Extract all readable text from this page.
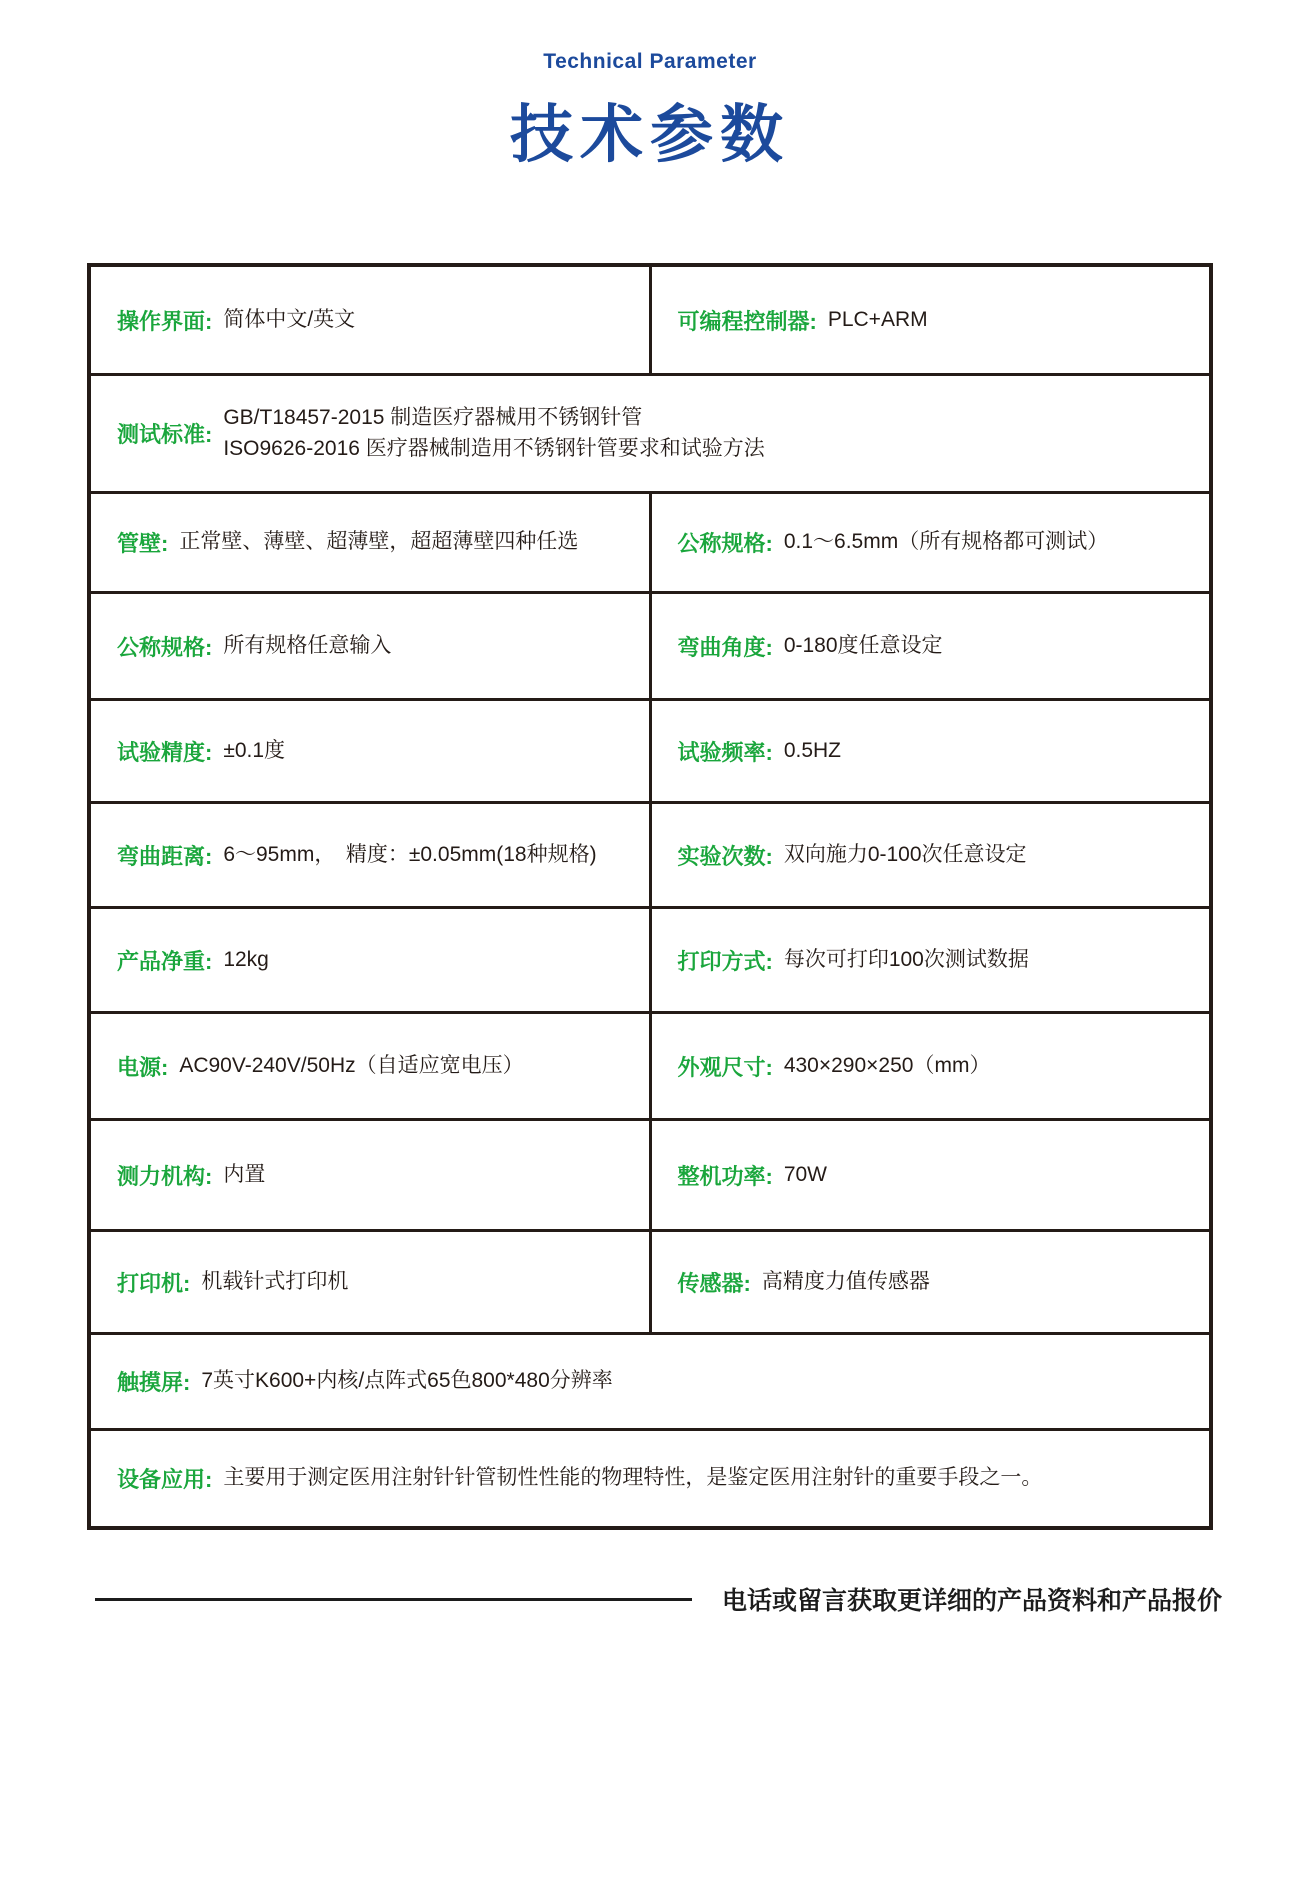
Technical Parameter
技术参数
操作界面: 简体中文/英文	可编程控制器: PLC+ARM
测试标准:
GB/T18457-2015 制造医疗器械用不锈钢针管
ISO9626-2016 医疗器械制造用不锈钢针管要求和试验方法
管壁: 正常壁、薄壁、超薄壁，超超薄壁四种任选	公称规格: 0.1～6.5mm（所有规格都可测试）
公称规格: 所有规格任意输入	弯曲角度: 0-180度任意设定
试验精度: ±0.1度	试验频率: 0.5HZ
弯曲距离: 6～95mm，　精度：±0.05mm(18种规格)	实验次数: 双向施力0-100次任意设定
产品净重: 12kg	打印方式: 每次可打印100次测试数据
电源: AC90V-240V/50Hz（自适应宽电压）	外观尺寸: 430×290×250（mm）
测力机构: 内置	整机功率: 70W
打印机: 机载针式打印机	传感器: 高精度力值传感器
触摸屏: 7英寸K600+内核/点阵式65色800*480分辨率
设备应用: 主要用于测定医用注射针针管韧性性能的物理特性，是鉴定医用注射针的重要手段之一。
电话或留言获取更详细的产品资料和产品报价
